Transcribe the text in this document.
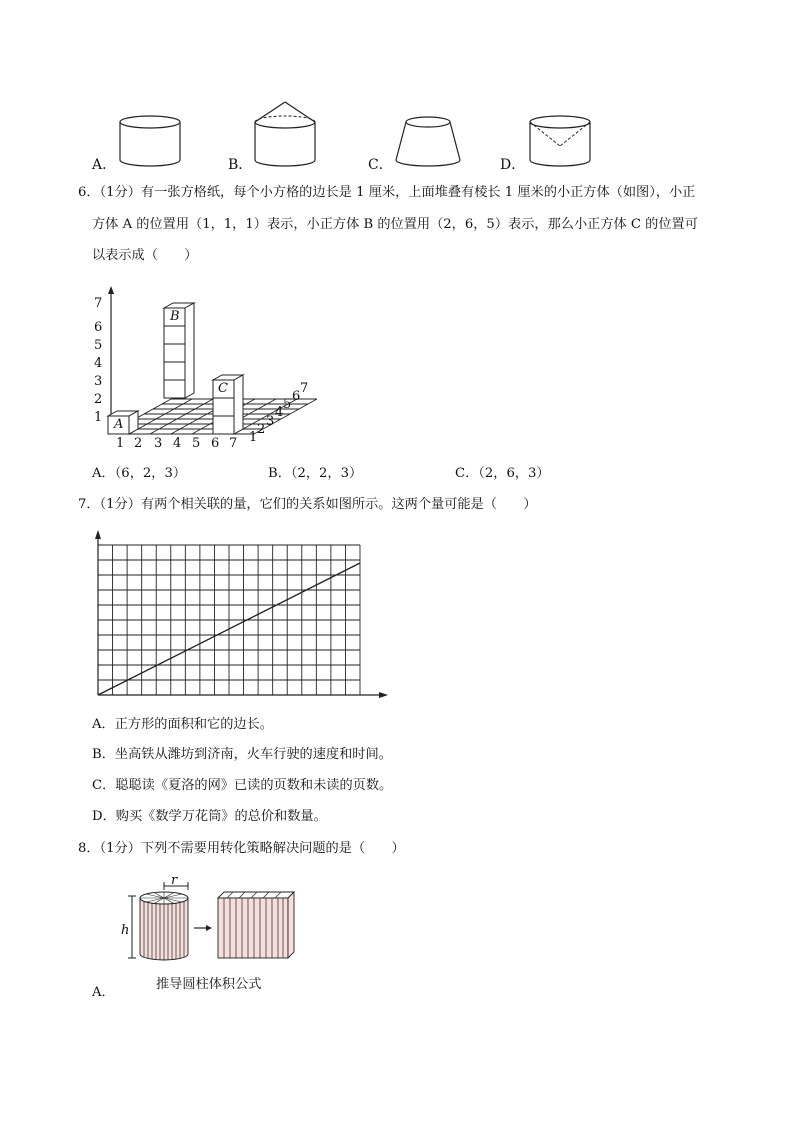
A．	B．	C．	D．
6．（1分）有一张方格纸，每个小方格的边长是 1 厘米，上面堆叠有棱长 1 厘米的小正方体（如图），小正
方体 A 的位置用（1，1，1）表示，小正方体 B 的位置用（2，6，5）表示，那么小正方体 C 的位置可
以表示成（　　）
1
2
3
4
5
6
7
1 2 3 4 5 6 7 1
2
3
4
5
6
7
A
B
C
A．（6，2，3）	B．（2，2，3）	C．（2，6，3）
7．（1分）有两个相关联的量，它们的关系如图所示。这两个量可能是（　　）
A．正方形的面积和它的边长。
B．坐高铁从潍坊到济南，火车行驶的速度和时间。
C．聪聪读《夏洛的网》已读的页数和未读的页数。
D．购买《数学万花筒》的总价和数量。
8．（1分）下列不需要用转化策略解决问题的是（　　）
r
h
推导圆柱体积公式
A．
